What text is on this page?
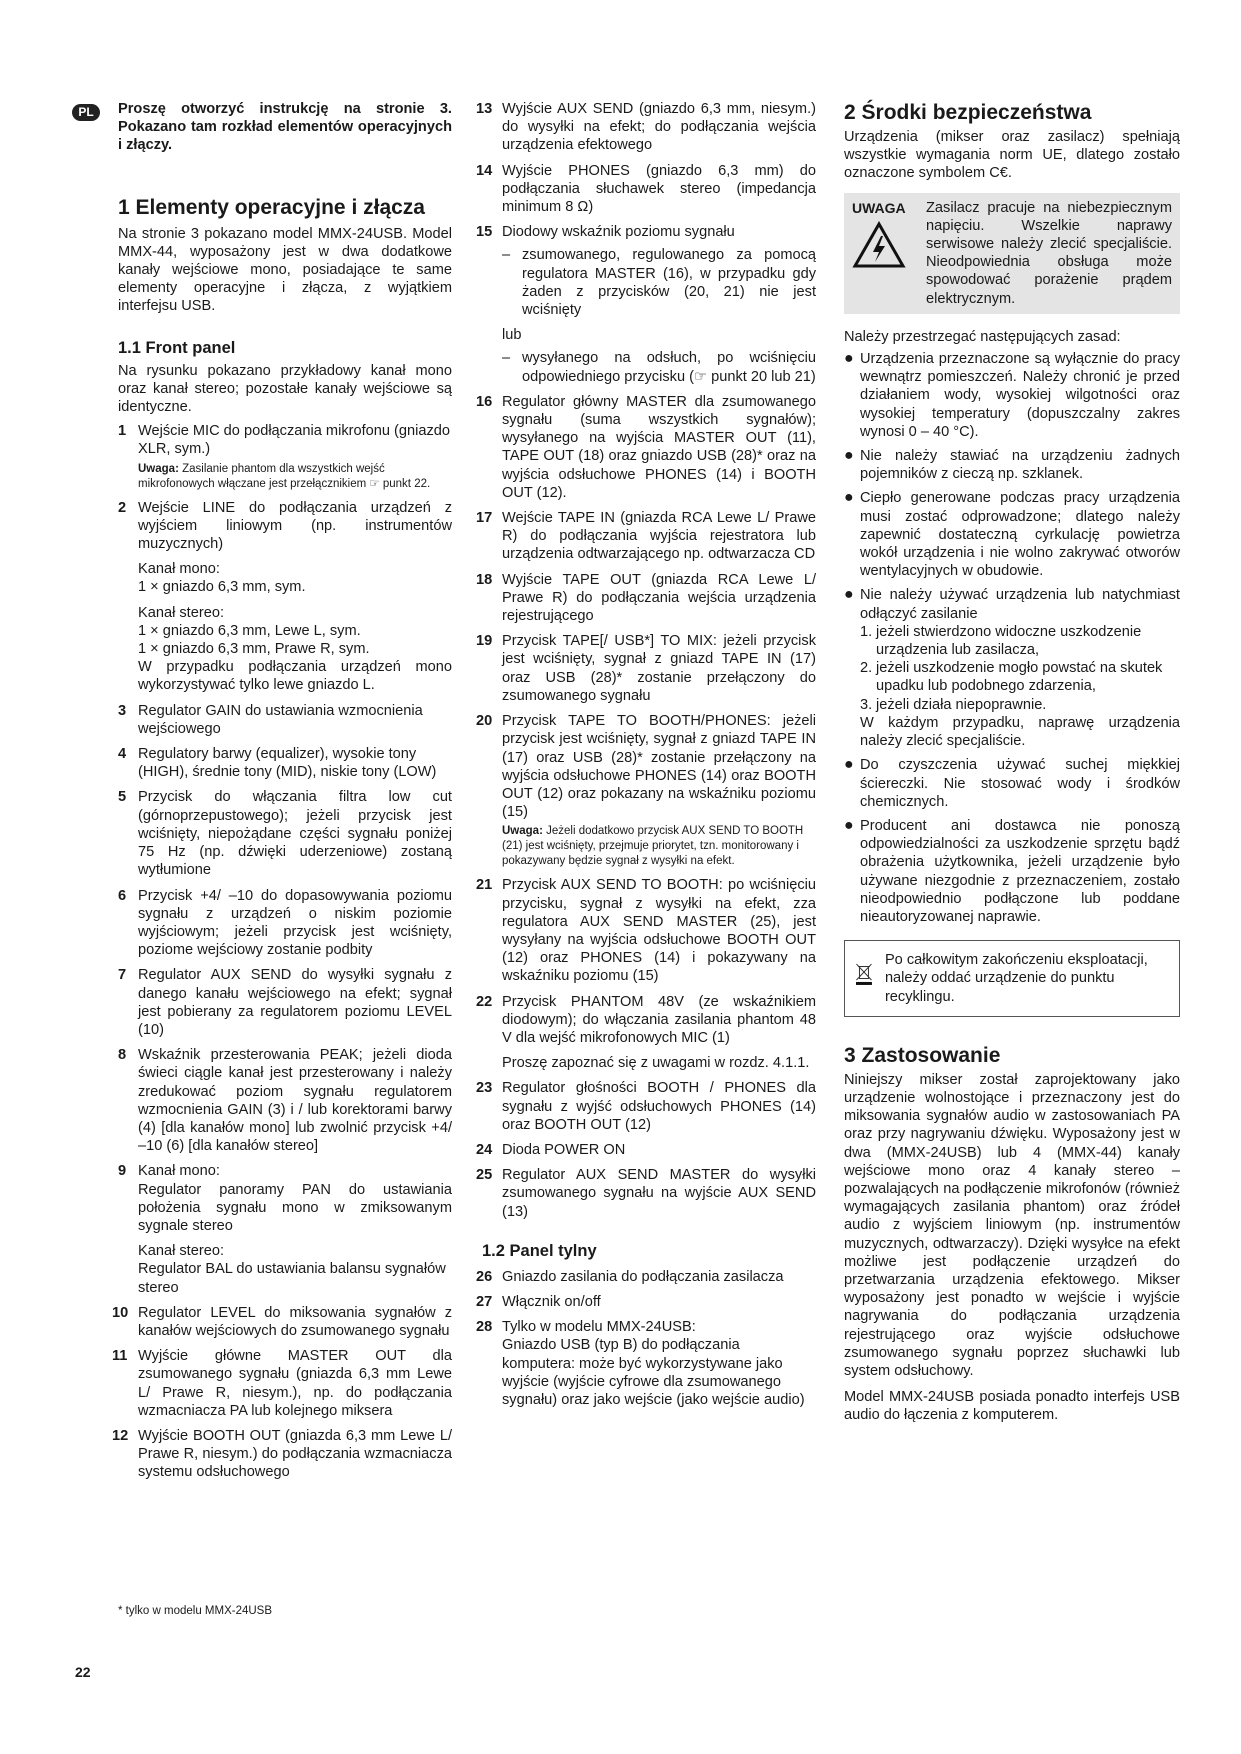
PL	Proszę otworzyć instrukcję na stronie 3. Pokazano tam rozkład elementów operacyjnych i złączy.

1 Elementy operacyjne i złącza

Na stronie 3 pokazano model MMX-24USB. Model MMX-44, wyposażony jest w dwa dodatkowe kanały wejściowe mono, posiadające te same elementy operacyjne i złącza, z wyjątkiem interfejsu USB.

1.1 Front panel

Na rysunku pokazano przykładowy kanał mono oraz kanał stereo; pozostałe kanały wejściowe są identyczne.

1 Wejście MIC do podłączania mikrofonu (gniazdo XLR, sym.)

Uwaga: Zasilanie phantom dla wszystkich wejść mikrofonowych włączane jest przełącznikiem ☞ punkt 22.

2 Wejście LINE do podłączania urządzeń z wyjściem liniowym (np. instrumentów muzycznych)

Kanał mono:

1 × gniazdo 6,3 mm, sym.

Kanał stereo:

1 × gniazdo 6,3 mm, Lewe L, sym.

1 × gniazdo 6,3 mm, Prawe R, sym.

W przypadku podłączania urządzeń mono wykorzystywać tylko lewe gniazdo L.

3 Regulator GAIN do ustawiania wzmocnienia wejściowego

4 Regulatory barwy (equalizer), wysokie tony (HIGH), średnie tony (MID), niskie tony (LOW)

5 Przycisk do włączania filtra low cut (górnoprzepustowego); jeżeli przycisk jest wciśnięty, niepożądane części sygnału poniżej 75 Hz (np. dźwięki uderzeniowe) zostaną wytłumione

6 Przycisk +4/ –10 do dopasowywania poziomu sygnału z urządzeń o niskim poziomie wyjściowym; jeżeli przycisk jest wciśnięty, poziome wejściowy zostanie podbity

7 Regulator AUX SEND do wysyłki sygnału z danego kanału wejściowego na efekt; sygnał jest pobierany za regulatorem poziomu LEVEL (10)

8 Wskaźnik przesterowania PEAK; jeżeli dioda świeci ciągle kanał jest przesterowany i należy zredukować poziom sygnału regulatorem wzmocnienia GAIN (3) i / lub korektorami barwy (4) [dla kanałów mono] lub zwolnić przycisk +4/ –10 (6) [dla kanałów stereo]

9 Kanał mono:

Regulator panoramy PAN do ustawiania położenia sygnału mono w zmiksowanym sygnale stereo

Kanał stereo:

Regulator BAL do ustawiania balansu sygnałów stereo

10 Regulator LEVEL do miksowania sygnałów z kanałów wejściowych do zsumowanego sygnału

11 Wyjście główne MASTER OUT dla zsumowanego sygnału (gniazda 6,3 mm Lewe L/ Prawe R, niesym.), np. do podłączania wzmacniacza PA lub kolejnego miksera

12 Wyjście BOOTH OUT (gniazda 6,3 mm Lewe L/ Prawe R, niesym.) do podłączania wzmacniacza systemu odsłuchowego

13 Wyjście AUX SEND (gniazdo 6,3 mm, niesym.) do wysyłki na efekt; do podłączania wejścia urządzenia efektowego

14 Wyjście PHONES (gniazdo 6,3 mm) do podłączania słuchawek stereo (impedancja minimum 8 Ω)

15 Diodowy wskaźnik poziomu sygnału

– zsumowanego, regulowanego za pomocą regulatora MASTER (16), w przypadku gdy żaden z przycisków (20, 21) nie jest wciśnięty

lub

– wysyłanego na odsłuch, po wciśnięciu odpowiedniego przycisku (☞ punkt 20 lub 21)

16 Regulator główny MASTER dla zsumowanego sygnału (suma wszystkich sygnałów); wysyłanego na wyjścia MASTER OUT (11), TAPE OUT (18) oraz gniazdo USB (28)* oraz na wyjścia odsłuchowe PHONES (14) i BOOTH OUT (12).

17 Wejście TAPE IN (gniazda RCA Lewe L/ Prawe R) do podłączania wyjścia rejestratora lub urządzenia odtwarzającego np. odtwarzacza CD

18 Wyjście TAPE OUT (gniazda RCA Lewe L/ Prawe R) do podłączania wejścia urządzenia rejestrującego

19 Przycisk TAPE[/ USB*] TO MIX: jeżeli przycisk jest wciśnięty, sygnał z gniazd TAPE IN (17) oraz USB (28)* zostanie przełączony do zsumowanego sygnału

20 Przycisk TAPE TO BOOTH/PHONES: jeżeli przycisk jest wciśnięty, sygnał z gniazd TAPE IN (17) oraz USB (28)* zostanie przełączony na wyjścia odsłuchowe PHONES (14) oraz BOOTH OUT (12) oraz pokazany na wskaźniku poziomu (15)

Uwaga: Jeżeli dodatkowo przycisk AUX SEND TO BOOTH (21) jest wciśnięty, przejmuje priorytet, tzn. monitorowany i pokazywany będzie sygnał z wysyłki na efekt.

21 Przycisk AUX SEND TO BOOTH: po wciśnięciu przycisku, sygnał z wysyłki na efekt, zza regulatora AUX SEND MASTER (25), jest wysyłany na wyjścia odsłuchowe BOOTH OUT (12) oraz PHONES (14) i pokazywany na wskaźniku poziomu (15)

22 Przycisk PHANTOM 48V (ze wskaźnikiem diodowym); do włączania zasilania phantom 48 V dla wejść mikrofonowych MIC (1)

Proszę zapoznać się z uwagami w rozdz. 4.1.1.

23 Regulator głośności BOOTH / PHONES dla sygnału z wyjść odsłuchowych PHONES (14) oraz BOOTH OUT (12)

24 Dioda POWER ON

25 Regulator AUX SEND MASTER do wysyłki zsumowanego sygnału na wyjście AUX SEND (13)

1.2 Panel tylny
26 Gniazdo zasilania do podłączania zasilacza

27 Włącznik on/off

28 Tylko w modelu MMX-24USB:

Gniazdo USB (typ B) do podłączania komputera: może być wykorzystywane jako wyjście (wyjście cyfrowe dla zsumowanego sygnału) oraz jako wejście (jako wejście audio)

2 Środki bezpieczeństwa

Urządzenia (mikser oraz zasilacz) spełniają wszystkie wymagania norm UE, dlatego zostało oznaczone symbolem C€.

UWAGA	Zasilacz pracuje na niebezpiecznym napięciu. Wszelkie naprawy serwisowe należy zlecić specjaliście. Nieodpowiednia obsługa może spowodować porażenie prądem elektrycznym.

Należy przestrzegać następujących zasad:

● Urządzenia przeznaczone są wyłącznie do pracy wewnątrz pomieszczeń. Należy chronić je przed działaniem wody, wysokiej wilgotności oraz wysokiej temperatury (dopuszczalny zakres wynosi 0 – 40 °C).

● Nie należy stawiać na urządzeniu żadnych pojemników z cieczą np. szklanek.

● Ciepło generowane podczas pracy urządzenia musi zostać odprowadzone; dlatego należy zapewnić dostateczną cyrkulację powietrza wokół urządzenia i nie wolno zakrywać otworów wentylacyjnych w obudowie.

● Nie należy używać urządzenia lub natychmiast odłączyć zasilanie

1. jeżeli stwierdzono widoczne uszkodzenie urządzenia lub zasilacza,

2. jeżeli uszkodzenie mogło powstać na skutek upadku lub podobnego zdarzenia,

3. jeżeli działa niepoprawnie.

W każdym przypadku, naprawę urządzenia należy zlecić specjaliście.

● Do czyszczenia używać suchej miękkiej ściereczki. Nie stosować wody i środków chemicznych.

● Producent ani dostawca nie ponoszą odpowiedzialności za uszkodzenie sprzętu bądź obrażenia użytkownika, jeżeli urządzenie było używane niezgodnie z przeznaczeniem, zostało nieodpowiednio podłączone lub poddane nieautoryzowanej naprawie.

Po całkowitym zakończeniu eksploatacji, należy oddać urządzenie do punktu recyklingu.

3 Zastosowanie

Niniejszy mikser został zaprojektowany jako urządzenie wolnostojące i przeznaczony jest do miksowania sygnałów audio w zastosowaniach PA oraz przy nagrywaniu dźwięku. Wyposażony jest w dwa (MMX-24USB) lub 4 (MMX-44) kanały wejściowe mono oraz 4 kanały stereo – pozwalających na podłączenie mikrofonów (również wymagających zasilania phantom) oraz źródeł audio z wyjściem liniowym (np. instrumentów muzycznych, odtwarzaczy). Dzięki wysyłce na efekt możliwe jest podłączenie urządzeń do przetwarzania urządzenia efektowego. Mikser wyposażony jest ponadto w wejście i wyjście nagrywania do podłączania urządzenia rejestrującego oraz wyjście odsłuchowe zsumowanego sygnału poprzez słuchawki lub system odsłuchowy.

Model MMX-24USB posiada ponadto interfejs USB audio do łączenia z komputerem.

* tylko w modelu MMX-24USB
22
